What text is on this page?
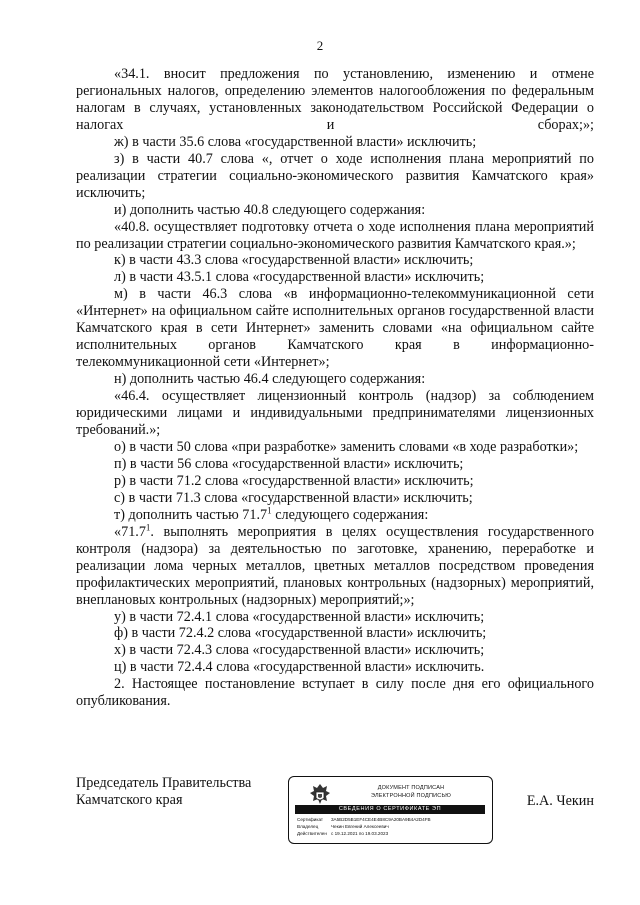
2

«34.1. вносит предложения по установлению, изменению и отмене региональных налогов, определению элементов налогообложения по федеральным налогам в случаях, установленных законодательством Российской Федерации о налогах и сборах;»;

ж) в части 35.6 слова «государственной власти» исключить;

з) в части 40.7 слова «, отчет о ходе исполнения плана мероприятий по реализации стратегии социально-экономического развития Камчатского края» исключить;

и) дополнить частью 40.8 следующего содержания:

«40.8. осуществляет подготовку отчета о ходе исполнения плана мероприятий по реализации стратегии социально-экономического развития Камчатского края.»;

к) в части 43.3 слова «государственной власти» исключить;

л) в части 43.5.1 слова «государственной власти» исключить;

м) в части 46.3 слова «в информационно-телекоммуникационной сети «Интернет» на официальном сайте исполнительных органов государственной власти Камчатского края в сети Интернет» заменить словами «на официальном сайте исполнительных органов Камчатского края в информационно-телекоммуникационной сети «Интернет»;

н) дополнить частью 46.4 следующего содержания:

«46.4. осуществляет лицензионный контроль (надзор) за соблюдением юридическими лицами и индивидуальными предпринимателями лицензионных требований.»;

о) в части 50 слова «при разработке» заменить словами «в ходе разработки»;

п) в части 56 слова «государственной власти» исключить;

р) в части 71.2 слова «государственной власти» исключить;

с) в части 71.3 слова «государственной власти» исключить;

т) дополнить частью 71.7$^1$ следующего содержания:

«71.7$^1$. выполнять мероприятия в целях осуществления государственного контроля (надзора) за деятельностью по заготовке, хранению, переработке и реализации лома черных металлов, цветных металлов посредством проведения профилактических мероприятий, плановых контрольных (надзорных) мероприятий, внеплановых контрольных (надзорных) мероприятий;»;

у) в части 72.4.1 слова «государственной власти» исключить;

ф) в части 72.4.2 слова «государственной власти» исключить;

х) в части 72.4.3 слова «государственной власти» исключить;

ц) в части 72.4.4 слова «государственной власти» исключить.

2. Настоящее постановление вступает в силу после дня его официального опубликования.

Председатель Правительства
Камчатского края
ДОКУМЕНТ ПОДПИСАН
ЭЛЕКТРОННОЙ ПОДПИСЬЮ
СВЕДЕНИЯ О СЕРТИФИКАТЕ ЭП
Сертификат 3A5B2D5B1EF4CE4E4B8C9A20BA9B4A2D4FB
Владелец	Чекин Евгений Алексеевич
Действителен с 19.12.2021 по 19.03.2023
Е.А. Чекин
